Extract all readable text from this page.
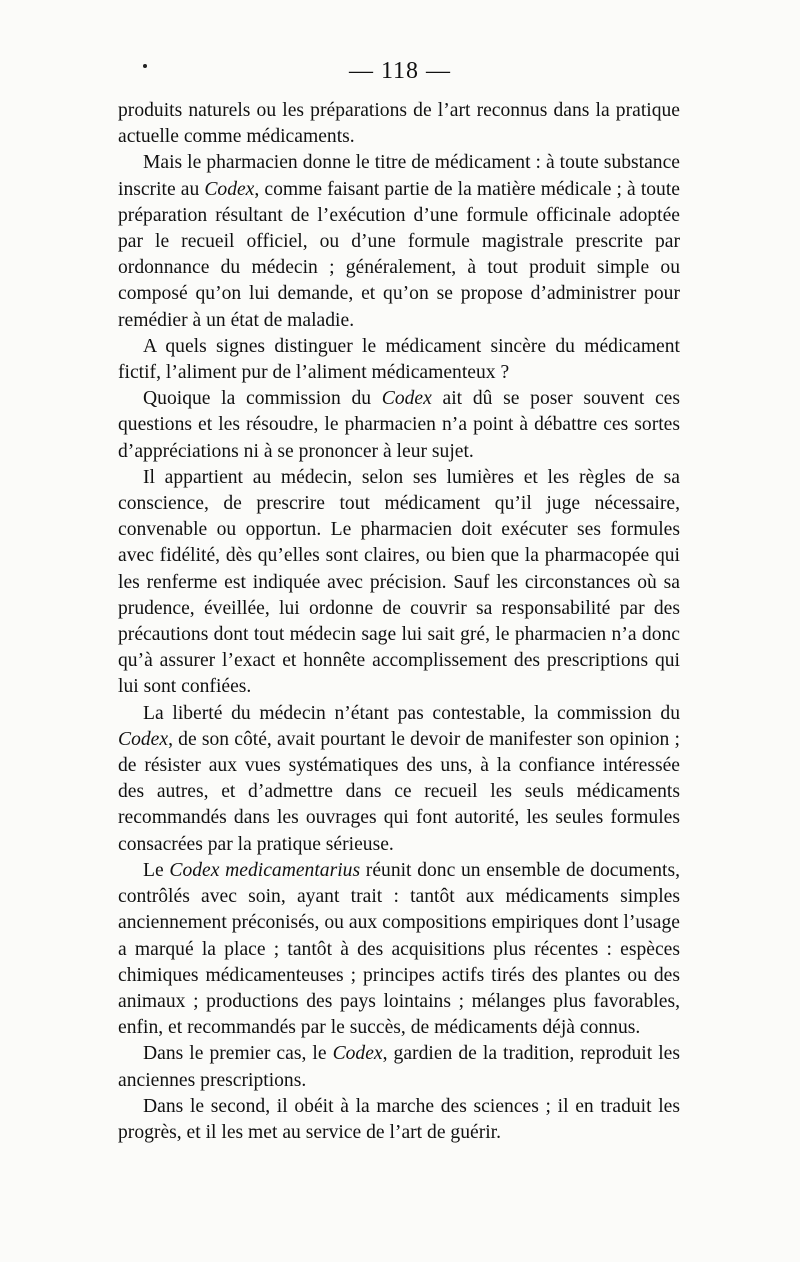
— 118 —

produits naturels ou les préparations de l’art reconnus dans la pratique actuelle comme médicaments.

Mais le pharmacien donne le titre de médicament : à toute substance inscrite au Codex, comme faisant partie de la matière médicale ; à toute préparation résultant de l’exécution d’une formule officinale adoptée par le recueil officiel, ou d’une formule magistrale prescrite par ordonnance du médecin ; généralement, à tout produit simple ou composé qu’on lui demande, et qu’on se propose d’administrer pour remédier à un état de maladie.

A quels signes distinguer le médicament sincère du médicament fictif, l’aliment pur de l’aliment médicamenteux ?

Quoique la commission du Codex ait dû se poser souvent ces questions et les résoudre, le pharmacien n’a point à débattre ces sortes d’appréciations ni à se prononcer à leur sujet.

Il appartient au médecin, selon ses lumières et les règles de sa conscience, de prescrire tout médicament qu’il juge nécessaire, convenable ou opportun. Le pharmacien doit exécuter ses formules avec fidélité, dès qu’elles sont claires, ou bien que la pharmacopée qui les renferme est indiquée avec précision. Sauf les circonstances où sa prudence, éveillée, lui ordonne de couvrir sa responsabilité par des précautions dont tout médecin sage lui sait gré, le pharmacien n’a donc qu’à assurer l’exact et honnête accomplissement des prescriptions qui lui sont confiées.

La liberté du médecin n’étant pas contestable, la commission du Codex, de son côté, avait pourtant le devoir de manifester son opinion ; de résister aux vues systématiques des uns, à la confiance intéressée des autres, et d’admettre dans ce recueil les seuls médicaments recommandés dans les ouvrages qui font autorité, les seules formules consacrées par la pratique sérieuse.

Le Codex medicamentarius réunit donc un ensemble de documents, contrôlés avec soin, ayant trait : tantôt aux médicaments simples anciennement préconisés, ou aux compositions empiriques dont l’usage a marqué la place ; tantôt à des acquisitions plus récentes : espèces chimiques médicamenteuses ; principes actifs tirés des plantes ou des animaux ; productions des pays lointains ; mélanges plus favorables, enfin, et recommandés par le succès, de médicaments déjà connus.

Dans le premier cas, le Codex, gardien de la tradition, reproduit les anciennes prescriptions.

Dans le second, il obéit à la marche des sciences ; il en traduit les progrès, et il les met au service de l’art de guérir.
